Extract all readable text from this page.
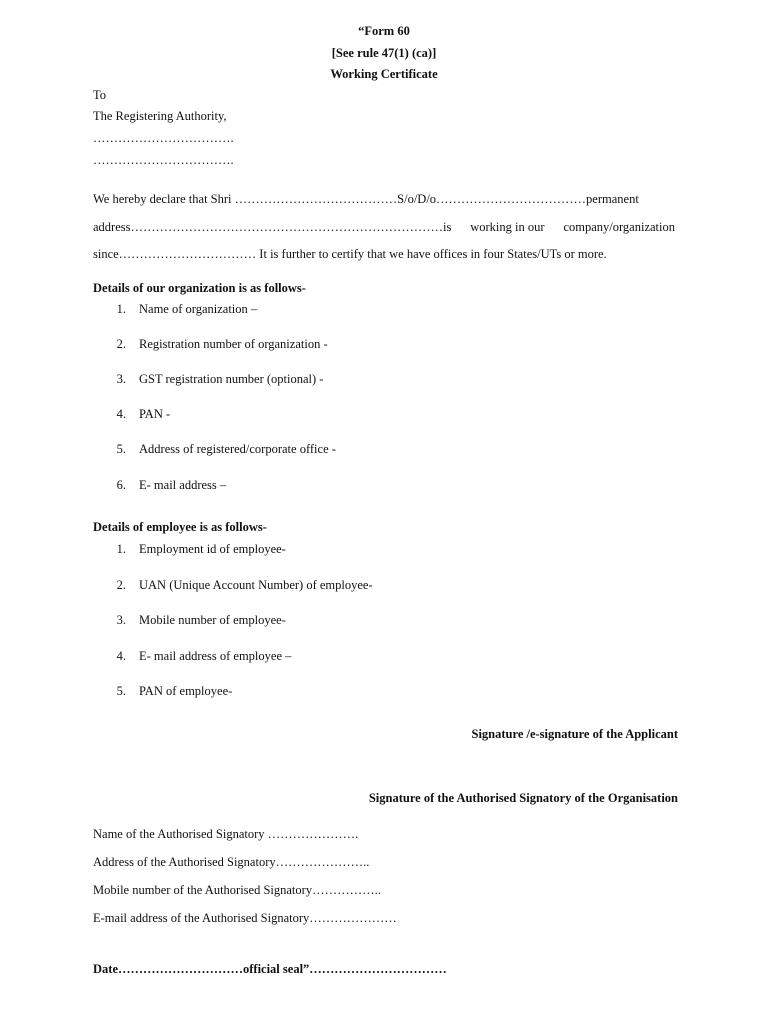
“Form 60
[See rule 47(1) (ca)]
Working Certificate
To
The Registering Authority,
…………………………….
…………………………….
We hereby declare that Shri …………………………………S/o/D/o………………………………permanent
address…………………………………………………………………is working in our company/organization
since…………………………… It is further to certify that we have offices in four States/UTs or more.
Details of our organization is as follows-
1. Name of organization –
2. Registration number of organization -
3. GST registration number (optional) -
4. PAN -
5. Address of registered/corporate office -
6. E- mail address –
Details of employee is as follows-
1. Employment id of employee-
2. UAN (Unique Account Number) of employee-
3. Mobile number of employee-
4. E- mail address of employee –
5. PAN of employee-
Signature /e-signature of the Applicant
Signature of the Authorised Signatory of the Organisation
Name of the Authorised Signatory ………………….
Address of the Authorised Signatory…………………..
Mobile number of the Authorised Signatory……………..
E-mail address of the Authorised Signatory…………………
Date…………………………official seal”……………………………
